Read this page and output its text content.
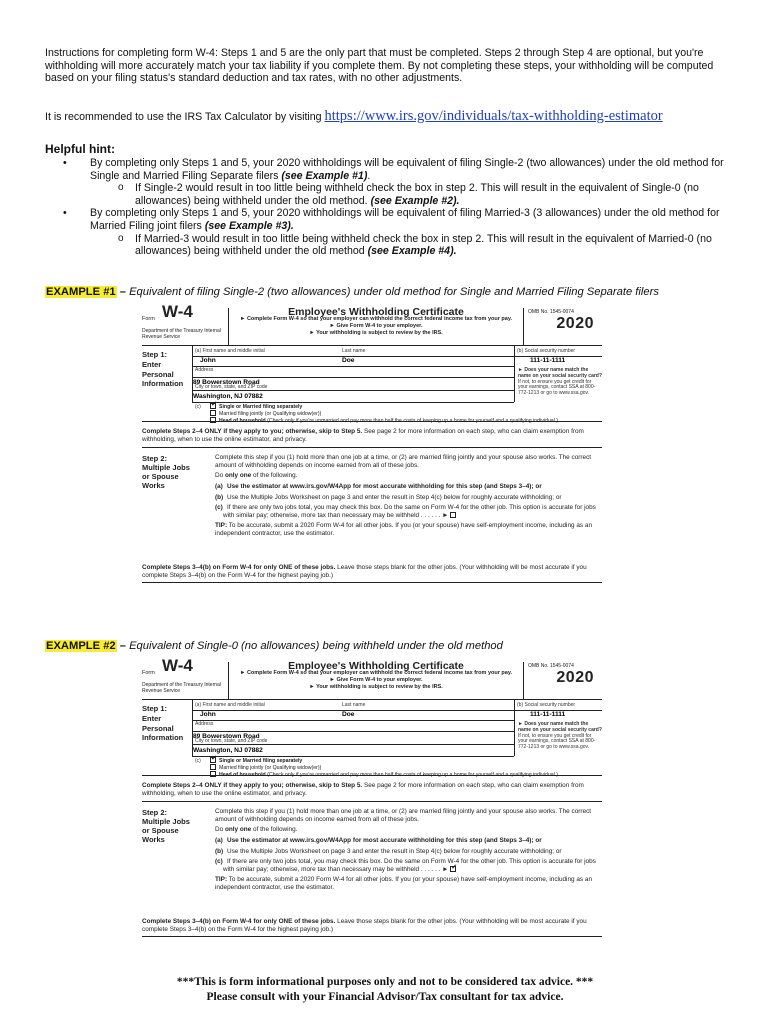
Instructions for completing form W-4: Steps 1 and 5 are the only part that must be completed. Steps 2 through Step 4 are optional, but you're withholding will more accurately match your tax liability if you complete them. By not completing these steps, your withholding will be computed based on your filing status's standard deduction and tax rates, with no other adjustments.
It is recommended to use the IRS Tax Calculator by visiting https://www.irs.gov/individuals/tax-withholding-estimator
Helpful hint:
• By completing only Steps 1 and 5, your 2020 withholdings will be equivalent of filing Single-2 (two allowances) under the old method for Single and Married Filing Separate filers (see Example #1).
o If Single-2 would result in too little being withheld check the box in step 2. This will result in the equivalent of Single-0 (no allowances) being withheld under the old method. (see Example #2).
• By completing only Steps 1 and 5, your 2020 withholdings will be equivalent of filing Married-3 (3 allowances) under the old method for Married Filing joint filers (see Example #3).
o If Married-3 would result in too little being withheld check the box in step 2. This will result in the equivalent of Married-0 (no allowances) being withheld under the old method (see Example #4).
EXAMPLE #1 – Equivalent of filing Single-2 (two allowances) under old method for Single and Married Filing Separate filers
EXAMPLE #2 – Equivalent of Single-0 (no allowances) being withheld under the old method
Form W-4
Department of the Treasury Internal Revenue Service
Employee's Withholding Certificate
► Complete Form W-4 so that your employer can withhold the correct federal income tax from your pay.
► Give Form W-4 to your employer.
► Your withholding is subject to review by the IRS.
OMB No. 1545-0074
2020
Step 1:
Enter Personal Information
(a) First name and middle initial	Last name	(b) Social security number
John	Doe	111-11-1111
Address
89 Bowerstown Road
City or town, state, and ZIP code
Washington, NJ 07882
► Does your name match the name on your social security card? If not, to ensure you get credit for your earnings, contact SSA at 800-772-1213 or go to www.ssa.gov.
(c) ✔	Single or Married filing separately
Married filing jointly (or Qualifying widow(er))
Head of household (Check only if you're unmarried and pay more than half the costs of keeping up a home for yourself and a qualifying individual.)
Complete Steps 2–4 ONLY if they apply to you; otherwise, skip to Step 5. See page 2 for more information on each step, who can claim exemption from withholding, when to use the online estimator, and privacy.
Step 2:
Multiple Jobs or Spouse Works

Complete this step if you (1) hold more than one job at a time, or (2) are married filing jointly and your spouse also works. The correct amount of withholding depends on income earned from all of these jobs.

Do only one of the following.

(a) Use the estimator at www.irs.gov/W4App for most accurate withholding for this step (and Steps 3–4); or

(b) Use the Multiple Jobs Worksheet on page 3 and enter the result in Step 4(c) below for roughly accurate withholding; or

(c) If there are only two jobs total, you may check this box. Do the same on Form W-4 for the other job. This option is accurate for jobs with similar pay; otherwise, more tax than necessary may be withheld . . . . . . ►

TIP: To be accurate, submit a 2020 Form W-4 for all other jobs. If you (or your spouse) have self-employment income, including as an independent contractor, use the estimator.

Complete Steps 3–4(b) on Form W-4 for only ONE of these jobs. Leave those steps blank for the other jobs. (Your withholding will be most accurate if you complete Steps 3–4(b) on the Form W-4 for the highest paying job.)
Form W-4
Department of the Treasury Internal Revenue Service
Employee's Withholding Certificate
► Complete Form W-4 so that your employer can withhold the correct federal income tax from your pay.
► Give Form W-4 to your employer.
► Your withholding is subject to review by the IRS.
OMB No. 1545-0074
2020
Step 1:
Enter Personal Information
(a) First name and middle initial	Last name	(b) Social security number
John	Doe	111-11-1111
Address
89 Bowerstown Road
City or town, state, and ZIP code
Washington, NJ 07882
► Does your name match the name on your social security card? If not, to ensure you get credit for your earnings, contact SSA at 800-772-1213 or go to www.ssa.gov.
(c) ✔	Single or Married filing separately
Married filing jointly (or Qualifying widow(er))
Head of household (Check only if you're unmarried and pay more than half the costs of keeping up a home for yourself and a qualifying individual.)
Complete Steps 2–4 ONLY if they apply to you; otherwise, skip to Step 5. See page 2 for more information on each step, who can claim exemption from withholding, when to use the online estimator, and privacy.
Step 2:
Multiple Jobs or Spouse Works

Complete this step if you (1) hold more than one job at a time, or (2) are married filing jointly and your spouse also works. The correct amount of withholding depends on income earned from all of these jobs.

Do only one of the following.

(a) Use the estimator at www.irs.gov/W4App for most accurate withholding for this step (and Steps 3–4); or

(b) Use the Multiple Jobs Worksheet on page 3 and enter the result in Step 4(c) below for roughly accurate withholding; or

(c) If there are only two jobs total, you may check this box. Do the same on Form W-4 for the other job. This option is accurate for jobs with similar pay; otherwise, more tax than necessary may be withheld . . . . . . ► ✔

TIP: To be accurate, submit a 2020 Form W-4 for all other jobs. If you (or your spouse) have self-employment income, including as an independent contractor, use the estimator.

Complete Steps 3–4(b) on Form W-4 for only ONE of these jobs. Leave those steps blank for the other jobs. (Your withholding will be most accurate if you complete Steps 3–4(b) on the Form W-4 for the highest paying job.)
***This is form informational purposes only and not to be considered tax advice. ***
Please consult with your Financial Advisor/Tax consultant for tax advice.
